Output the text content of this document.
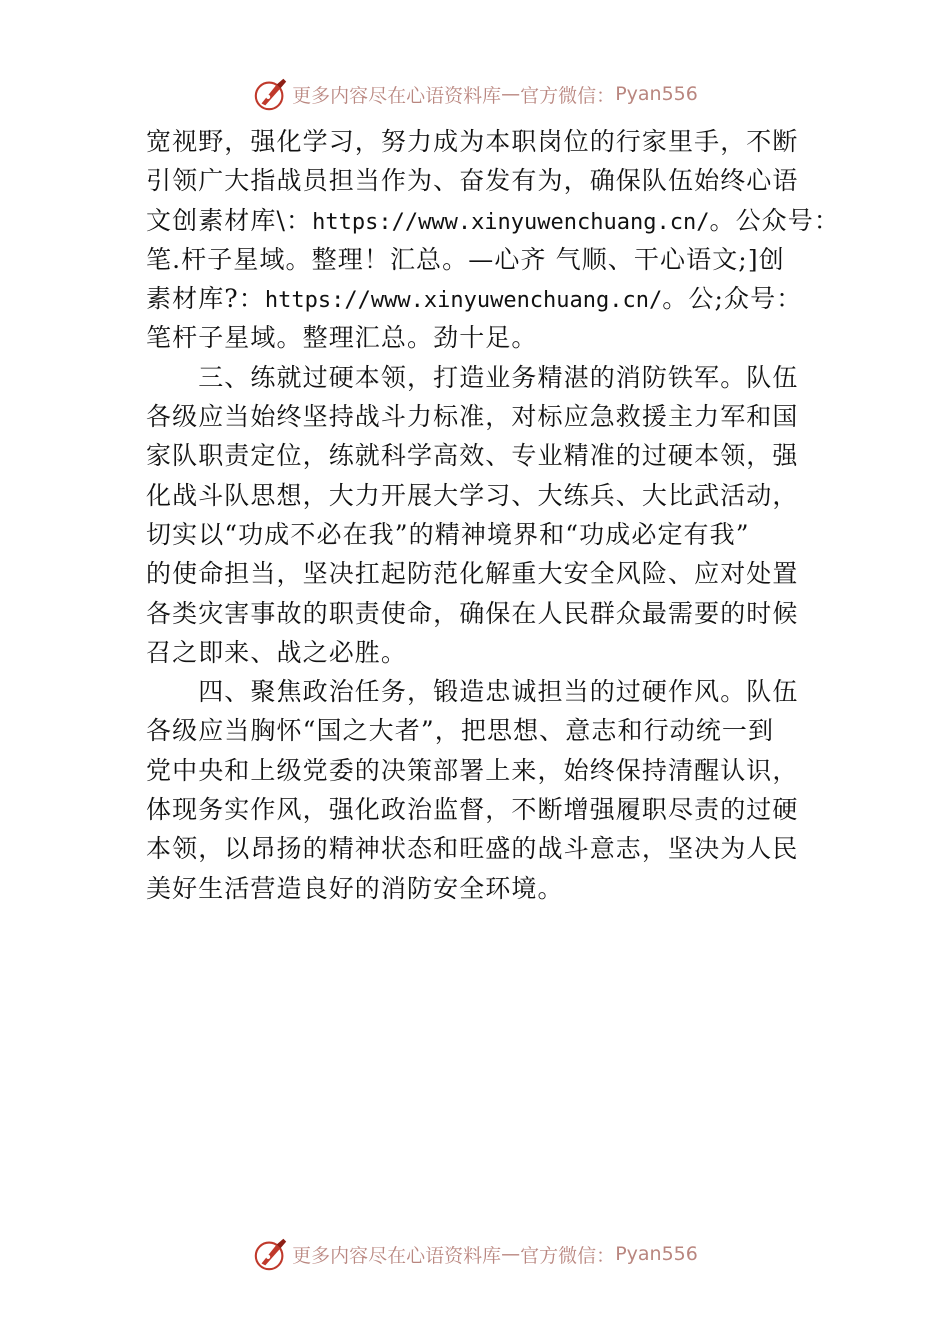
更多内容尽在心语资料库 — 官方微信： Pyan556
宽视野，强化学习，努力成为本职岗位的行家里手，不断
引领广大指战员担当作为、奋发有为，确保队伍始终心语
文创素材库\：https://www.xinyuwenchuang.cn/。公众号：
笔.杆子星域。整理！汇总。—心齐 气顺、干心语文;]创
素材库?：https://www.xinyuwenchuang.cn/。公;众号：
笔杆子星域。整理汇总。劲十足。
　　三、练就过硬本领，打造业务精湛的消防铁军。队伍
各级应当始终坚持战斗力标准，对标应急救援主力军和国
家队职责定位，练就科学高效、专业精准的过硬本领，强
化战斗队思想，大力开展大学习、大练兵、大比武活动，
切实以“功成不必在我”的精神境界和“功成必定有我”
的使命担当，坚决扛起防范化解重大安全风险、应对处置
各类灾害事故的职责使命，确保在人民群众最需要的时候
召之即来、战之必胜。
　　四、聚焦政治任务，锻造忠诚担当的过硬作风。队伍
各级应当胸怀“国之大者”，把思想、意志和行动统一到
党中央和上级党委的决策部署上来，始终保持清醒认识，
体现务实作风，强化政治监督，不断增强履职尽责的过硬
本领，以昂扬的精神状态和旺盛的战斗意志，坚决为人民
美好生活营造良好的消防安全环境。
更多内容尽在心语资料库 — 官方微信： Pyan556
